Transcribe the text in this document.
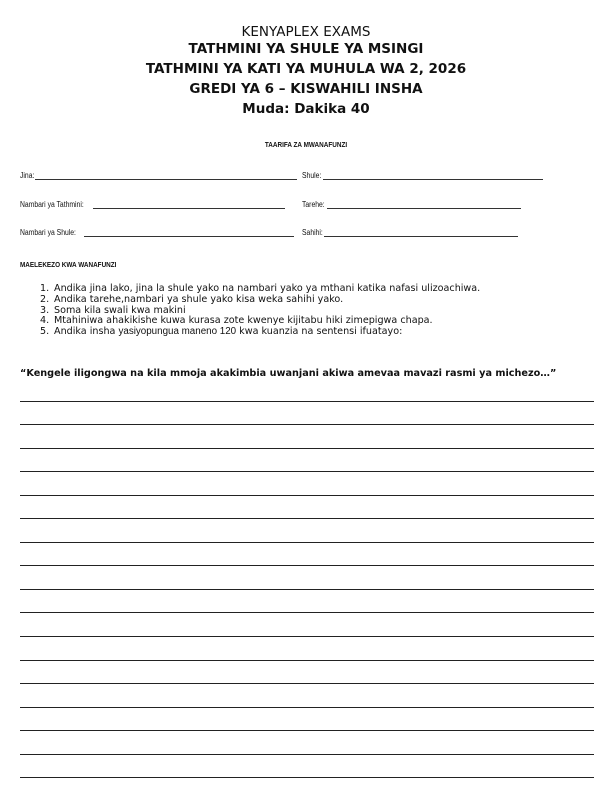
KENYAPLEX EXAMS
TATHMINI YA SHULE YA MSINGI
TATHMINI YA KATI YA MUHULA WA 2, 2026
GREDI YA 6 – KISWAHILI INSHA
Muda: Dakika 40
TAARIFA ZA MWANAFUNZI
Jina:	Shule:
Nambari ya Tathmini:	Tarehe:
Nambari ya Shule:	Sahihi:
MAELEKEZO KWA WANAFUNZI
1. Andika jina lako, jina la shule yako na nambari yako ya mthani katika nafasi ulizoachiwa.
2. Andika tarehe,nambari ya shule yako kisa weka sahihi yako.
3. Soma kila swali kwa makini
4. Mtahiniwa ahakikishe kuwa kurasa zote kwenye kijitabu hiki zimepigwa chapa.
5. Andika insha yasiyopungua maneno 120 kwa kuanzia na sentensi ifuatayo:
“Kengele iligongwa na kila mmoja akakimbia uwanjani akiwa amevaa mavazi rasmi ya michezo…”
